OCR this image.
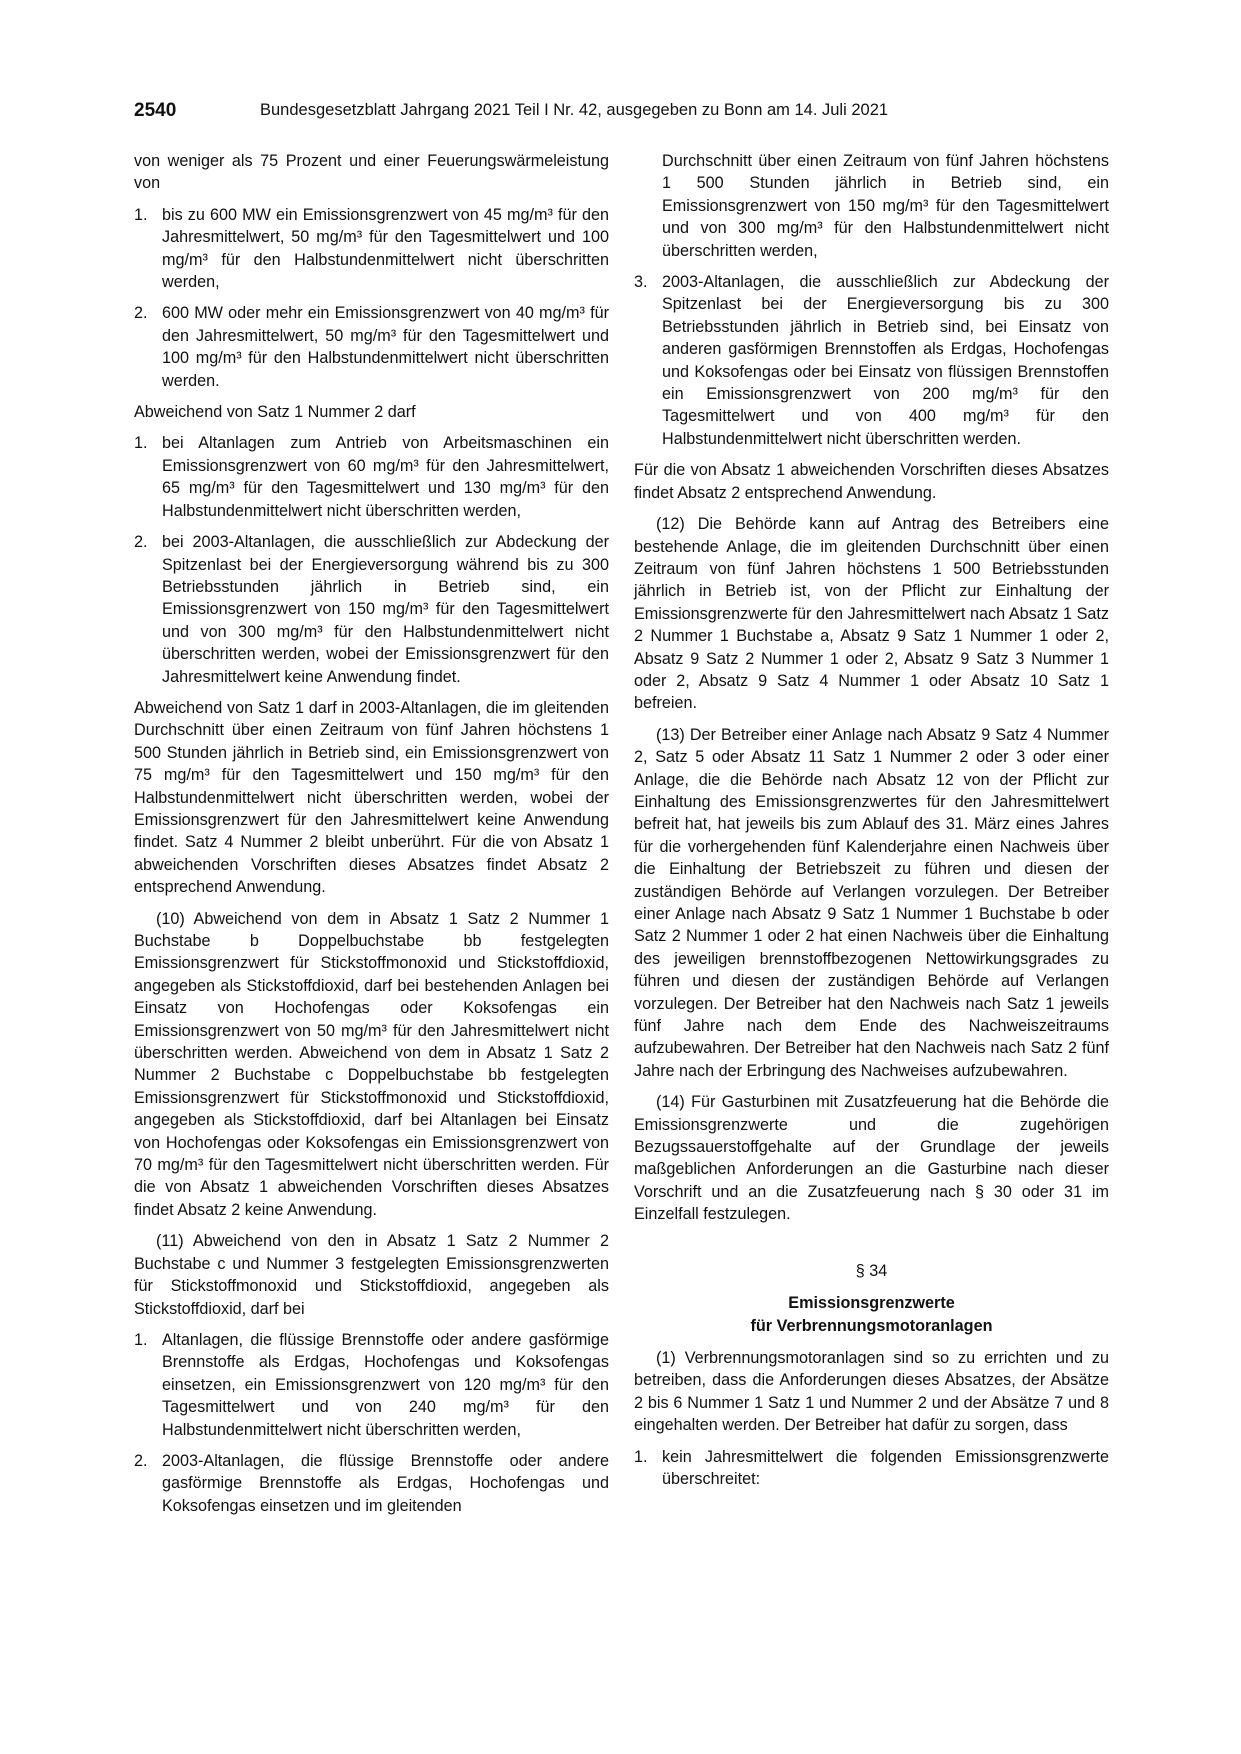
2540	Bundesgesetzblatt Jahrgang 2021 Teil I Nr. 42, ausgegeben zu Bonn am 14. Juli 2021

von weniger als 75 Prozent und einer Feuerungswärmeleistung von

1. bis zu 600 MW ein Emissionsgrenzwert von 45 mg/m³ für den Jahresmittelwert, 50 mg/m³ für den Tagesmittelwert und 100 mg/m³ für den Halbstundenmittelwert nicht überschritten werden,
2. 600 MW oder mehr ein Emissionsgrenzwert von 40 mg/m³ für den Jahresmittelwert, 50 mg/m³ für den Tagesmittelwert und 100 mg/m³ für den Halbstundenmittelwert nicht überschritten werden.

Abweichend von Satz 1 Nummer 2 darf

1. bei Altanlagen zum Antrieb von Arbeitsmaschinen ein Emissionsgrenzwert von 60 mg/m³ für den Jahresmittelwert, 65 mg/m³ für den Tagesmittelwert und 130 mg/m³ für den Halbstundenmittelwert nicht überschritten werden,
2. bei 2003-Altanlagen, die ausschließlich zur Abdeckung der Spitzenlast bei der Energieversorgung während bis zu 300 Betriebsstunden jährlich in Betrieb sind, ein Emissionsgrenzwert von 150 mg/m³ für den Tagesmittelwert und von 300 mg/m³ für den Halbstundenmittelwert nicht überschritten werden, wobei der Emissionsgrenzwert für den Jahresmittelwert keine Anwendung findet.

Abweichend von Satz 1 darf in 2003-Altanlagen, die im gleitenden Durchschnitt über einen Zeitraum von fünf Jahren höchstens 1 500 Stunden jährlich in Betrieb sind, ein Emissionsgrenzwert von 75 mg/m³ für den Tagesmittelwert und 150 mg/m³ für den Halbstundenmittelwert nicht überschritten werden, wobei der Emissionsgrenzwert für den Jahresmittelwert keine Anwendung findet. Satz 4 Nummer 2 bleibt unberührt. Für die von Absatz 1 abweichenden Vorschriften dieses Absatzes findet Absatz 2 entsprechend Anwendung.

(10) Abweichend von dem in Absatz 1 Satz 2 Nummer 1 Buchstabe b Doppelbuchstabe bb festgelegten Emissionsgrenzwert für Stickstoffmonoxid und Stickstoffdioxid, angegeben als Stickstoffdioxid, darf bei bestehenden Anlagen bei Einsatz von Hochofengas oder Koksofengas ein Emissionsgrenzwert von 50 mg/m³ für den Jahresmittelwert nicht überschritten werden. Abweichend von dem in Absatz 1 Satz 2 Nummer 2 Buchstabe c Doppelbuchstabe bb festgelegten Emissionsgrenzwert für Stickstoffmonoxid und Stickstoffdioxid, angegeben als Stickstoffdioxid, darf bei Altanlagen bei Einsatz von Hochofengas oder Koksofengas ein Emissionsgrenzwert von 70 mg/m³ für den Tagesmittelwert nicht überschritten werden. Für die von Absatz 1 abweichenden Vorschriften dieses Absatzes findet Absatz 2 keine Anwendung.

(11) Abweichend von den in Absatz 1 Satz 2 Nummer 2 Buchstabe c und Nummer 3 festgelegten Emissionsgrenzwerten für Stickstoffmonoxid und Stickstoffdioxid, angegeben als Stickstoffdioxid, darf bei

1. Altanlagen, die flüssige Brennstoffe oder andere gasförmige Brennstoffe als Erdgas, Hochofengas und Koksofengas einsetzen, ein Emissionsgrenzwert von 120 mg/m³ für den Tagesmittelwert und von 240 mg/m³ für den Halbstundenmittelwert nicht überschritten werden,
2. 2003-Altanlagen, die flüssige Brennstoffe oder andere gasförmige Brennstoffe als Erdgas, Hochofengas und Koksofengas einsetzen und im gleitenden
Durchschnitt über einen Zeitraum von fünf Jahren höchstens 1 500 Stunden jährlich in Betrieb sind, ein Emissionsgrenzwert von 150 mg/m³ für den Tagesmittelwert und von 300 mg/m³ für den Halbstundenmittelwert nicht überschritten werden,
3. 2003-Altanlagen, die ausschließlich zur Abdeckung der Spitzenlast bei der Energieversorgung bis zu 300 Betriebsstunden jährlich in Betrieb sind, bei Einsatz von anderen gasförmigen Brennstoffen als Erdgas, Hochofengas und Koksofengas oder bei Einsatz von flüssigen Brennstoffen ein Emissionsgrenzwert von 200 mg/m³ für den Tagesmittelwert und von 400 mg/m³ für den Halbstundenmittelwert nicht überschritten werden.

Für die von Absatz 1 abweichenden Vorschriften dieses Absatzes findet Absatz 2 entsprechend Anwendung.

(12) Die Behörde kann auf Antrag des Betreibers eine bestehende Anlage, die im gleitenden Durchschnitt über einen Zeitraum von fünf Jahren höchstens 1 500 Betriebsstunden jährlich in Betrieb ist, von der Pflicht zur Einhaltung der Emissionsgrenzwerte für den Jahresmittelwert nach Absatz 1 Satz 2 Nummer 1 Buchstabe a, Absatz 9 Satz 1 Nummer 1 oder 2, Absatz 9 Satz 2 Nummer 1 oder 2, Absatz 9 Satz 3 Nummer 1 oder 2, Absatz 9 Satz 4 Nummer 1 oder Absatz 10 Satz 1 befreien.

(13) Der Betreiber einer Anlage nach Absatz 9 Satz 4 Nummer 2, Satz 5 oder Absatz 11 Satz 1 Nummer 2 oder 3 oder einer Anlage, die die Behörde nach Absatz 12 von der Pflicht zur Einhaltung des Emissionsgrenzwertes für den Jahresmittelwert befreit hat, hat jeweils bis zum Ablauf des 31. März eines Jahres für die vorhergehenden fünf Kalenderjahre einen Nachweis über die Einhaltung der Betriebszeit zu führen und diesen der zuständigen Behörde auf Verlangen vorzulegen. Der Betreiber einer Anlage nach Absatz 9 Satz 1 Nummer 1 Buchstabe b oder Satz 2 Nummer 1 oder 2 hat einen Nachweis über die Einhaltung des jeweiligen brennstoffbezogenen Nettowirkungsgrades zu führen und diesen der zuständigen Behörde auf Verlangen vorzulegen. Der Betreiber hat den Nachweis nach Satz 1 jeweils fünf Jahre nach dem Ende des Nachweiszeitraums aufzubewahren. Der Betreiber hat den Nachweis nach Satz 2 fünf Jahre nach der Erbringung des Nachweises aufzubewahren.

(14) Für Gasturbinen mit Zusatzfeuerung hat die Behörde die Emissionsgrenzwerte und die zugehörigen Bezugssauerstoffgehalte auf der Grundlage der jeweils maßgeblichen Anforderungen an die Gasturbine nach dieser Vorschrift und an die Zusatzfeuerung nach § 30 oder 31 im Einzelfall festzulegen.

§ 34
Emissionsgrenzwerte
für Verbrennungsmotoranlagen

(1) Verbrennungsmotoranlagen sind so zu errichten und zu betreiben, dass die Anforderungen dieses Absatzes, der Absätze 2 bis 6 Nummer 1 Satz 1 und Nummer 2 und der Absätze 7 und 8 eingehalten werden. Der Betreiber hat dafür zu sorgen, dass

1. kein Jahresmittelwert die folgenden Emissionsgrenzwerte überschreitet:
